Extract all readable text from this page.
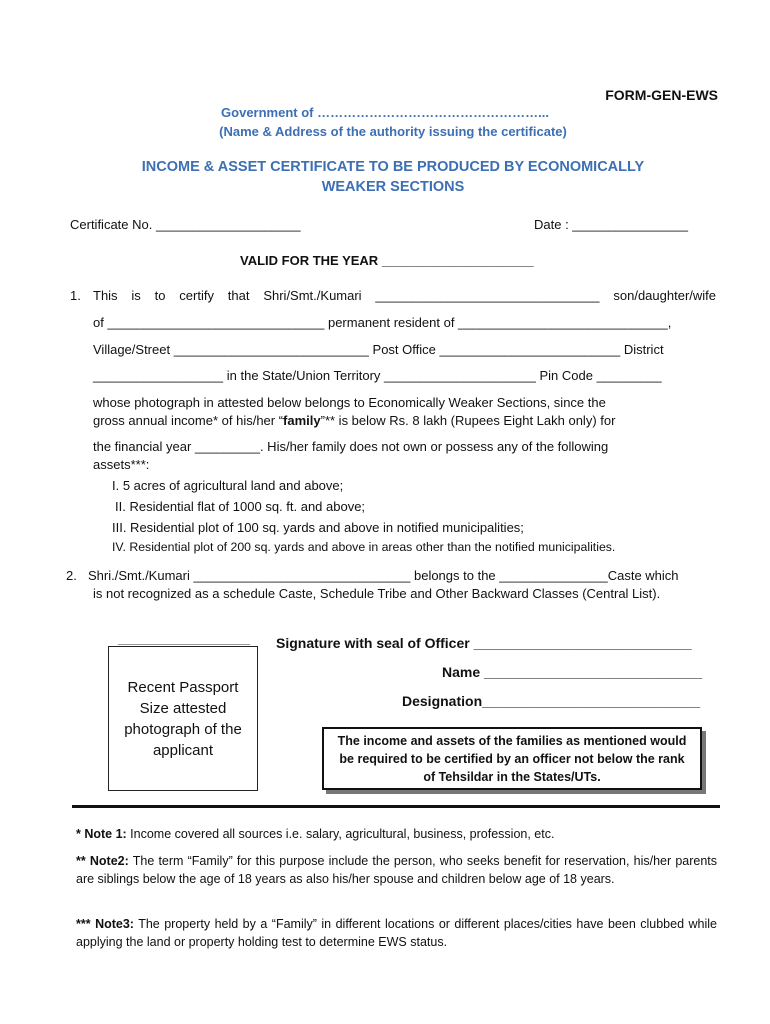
FORM-GEN-EWS
Government of ……………………………………………...
(Name & Address of the authority issuing the certificate)
INCOME & ASSET CERTIFICATE TO BE PRODUCED BY ECONOMICALLY
WEAKER SECTIONS
Certificate No. ____________________	Date : ________________
VALID FOR THE YEAR _____________________
1. This is to certify that Shri/Smt./Kumari _______________________________ son/daughter/wife
of ______________________________ permanent resident of _____________________________,
Village/Street ___________________________ Post Office _________________________ District
__________________ in the State/Union Territory _____________________ Pin Code _________
whose photograph in attested below belongs to Economically Weaker Sections, since the
gross annual income* of his/her “family”** is below Rs. 8 lakh (Rupees Eight Lakh only) for
the financial year _________. His/her family does not own or possess any of the following
assets***:
I. 5 acres of agricultural land and above;
II. Residential flat of 1000 sq. ft. and above;
III. Residential plot of 100 sq. yards and above in notified municipalities;
IV. Residential plot of 200 sq. yards and above in areas other than the notified municipalities.
2. Shri./Smt./Kumari ______________________________ belongs to the _______________Caste which
is not recognized as a schedule Caste, Schedule Tribe and Other Backward Classes (Central List).
Recent Passport Size attested photograph of the applicant
Signature with seal of Officer ____________________________
Name ____________________________
Designation____________________________
The income and assets of the families as mentioned would be required to be certified by an officer not below the rank of Tehsildar in the States/UTs.
* Note 1: Income covered all sources i.e. salary, agricultural, business, profession, etc.
** Note2: The term “Family” for this purpose include the person, who seeks benefit for reservation, his/her parents are siblings below the age of 18 years as also his/her spouse and children below age of 18 years.
*** Note3: The property held by a “Family” in different locations or different places/cities have been clubbed while applying the land or property holding test to determine EWS status.
